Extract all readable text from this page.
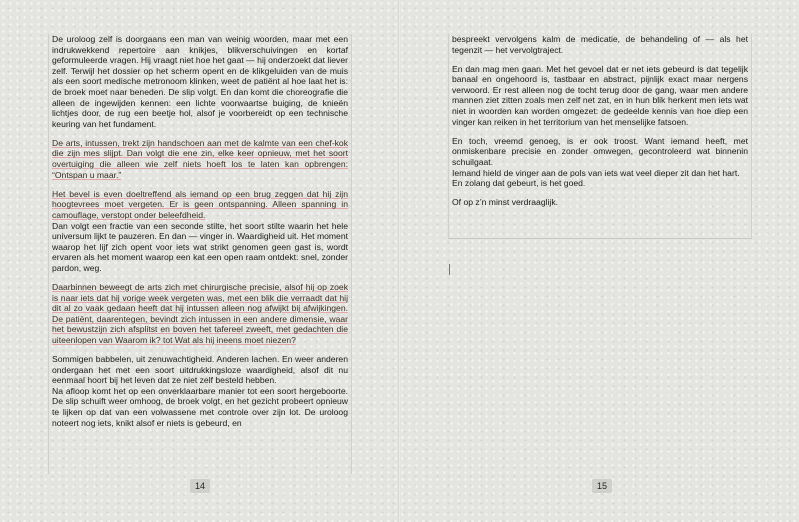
De uroloog zelf is doorgaans een man van weinig woorden, maar met een indrukwekkend repertoire aan knikjes, blikverschuivingen en kortaf geformuleerde vragen. Hij vraagt niet hoe het gaat — hij onderzoekt dat liever zelf. Terwijl het dossier op het scherm opent en de klikgeluiden van de muis als een soort medische metronoom klinken, weet de patiënt al hoe laat het is: de broek moet naar beneden. De slip volgt. En dan komt die choreografie die alleen de ingewijden kennen: een lichte voorwaartse buiging, de knieën lichtjes door, de rug een beetje hol, alsof je voorbereidt op een technische keuring van het fundament.

De arts, intussen, trekt zijn handschoen aan met de kalmte van een chef-kok die zijn mes slijpt. Dan volgt die ene zin, elke keer opnieuw, met het soort overtuiging die alleen wie zelf niets hoeft los te laten kan opbrengen: “Ontspan u maar.”

Het bevel is even doeltreffend als iemand op een brug zeggen dat hij zijn hoogtevrees moet vergeten. Er is geen ontspanning. Alleen spanning in camouflage, verstopt onder beleefdheid.

Dan volgt een fractie van een seconde stilte, het soort stilte waarin het hele universum lijkt te pauzeren. En dan — vinger in. Waardigheid uit. Het moment waarop het lijf zich opent voor iets wat strikt genomen geen gast is, wordt ervaren als het moment waarop een kat een open raam ontdekt: snel, zonder pardon, weg.

Daarbinnen beweegt de arts zich met chirurgische precisie, alsof hij op zoek is naar iets dat hij vorige week vergeten was, met een blik die verraadt dat hij dit al zo vaak gedaan heeft dat hij intussen alleen nog afwijkt bij afwijkingen. De patiënt, daarentegen, bevindt zich intussen in een andere dimensie, waar het bewustzijn zich afsplitst en boven het tafereel zweeft, met gedachten die uiteenlopen van Waarom ik? tot Wat als hij ineens moet niezen?

Sommigen babbelen, uit zenuwachtigheid. Anderen lachen. En weer anderen ondergaan het met een soort uitdrukkingsloze waardigheid, alsof dit nu eenmaal hoort bij het leven dat ze niet zelf besteld hebben.

Na afloop komt het op een onverklaarbare manier tot een soort hergeboorte. De slip schuift weer omhoog, de broek volgt, en het gezicht probeert opnieuw te lijken op dat van een volwassene met controle over zijn lot. De uroloog noteert nog iets, knikt alsof er niets is gebeurd, en

14

bespreekt vervolgens kalm de medicatie, de behandeling of — als het tegenzit — het vervolgtraject.

En dan mag men gaan. Met het gevoel dat er net iets gebeurd is dat tegelijk banaal en ongehoord is, tastbaar en abstract, pijnlijk exact maar nergens verwoord. Er rest alleen nog de tocht terug door de gang, waar men andere mannen ziet zitten zoals men zelf net zat, en in hun blik herkent men iets wat niet in woorden kan worden omgezet: de gedeelde kennis van hoe diep een vinger kan reiken in het territorium van het menselijke fatsoen.

En toch, vreemd genoeg, is er ook troost. Want iemand heeft, met onmiskenbare precisie en zonder omwegen, gecontroleerd wat binnenin schuilgaat.

Iemand hield de vinger aan de pols van iets wat veel dieper zit dan het hart.

En zolang dat gebeurt, is het goed.

Of op z’n minst verdraaglijk.

15
